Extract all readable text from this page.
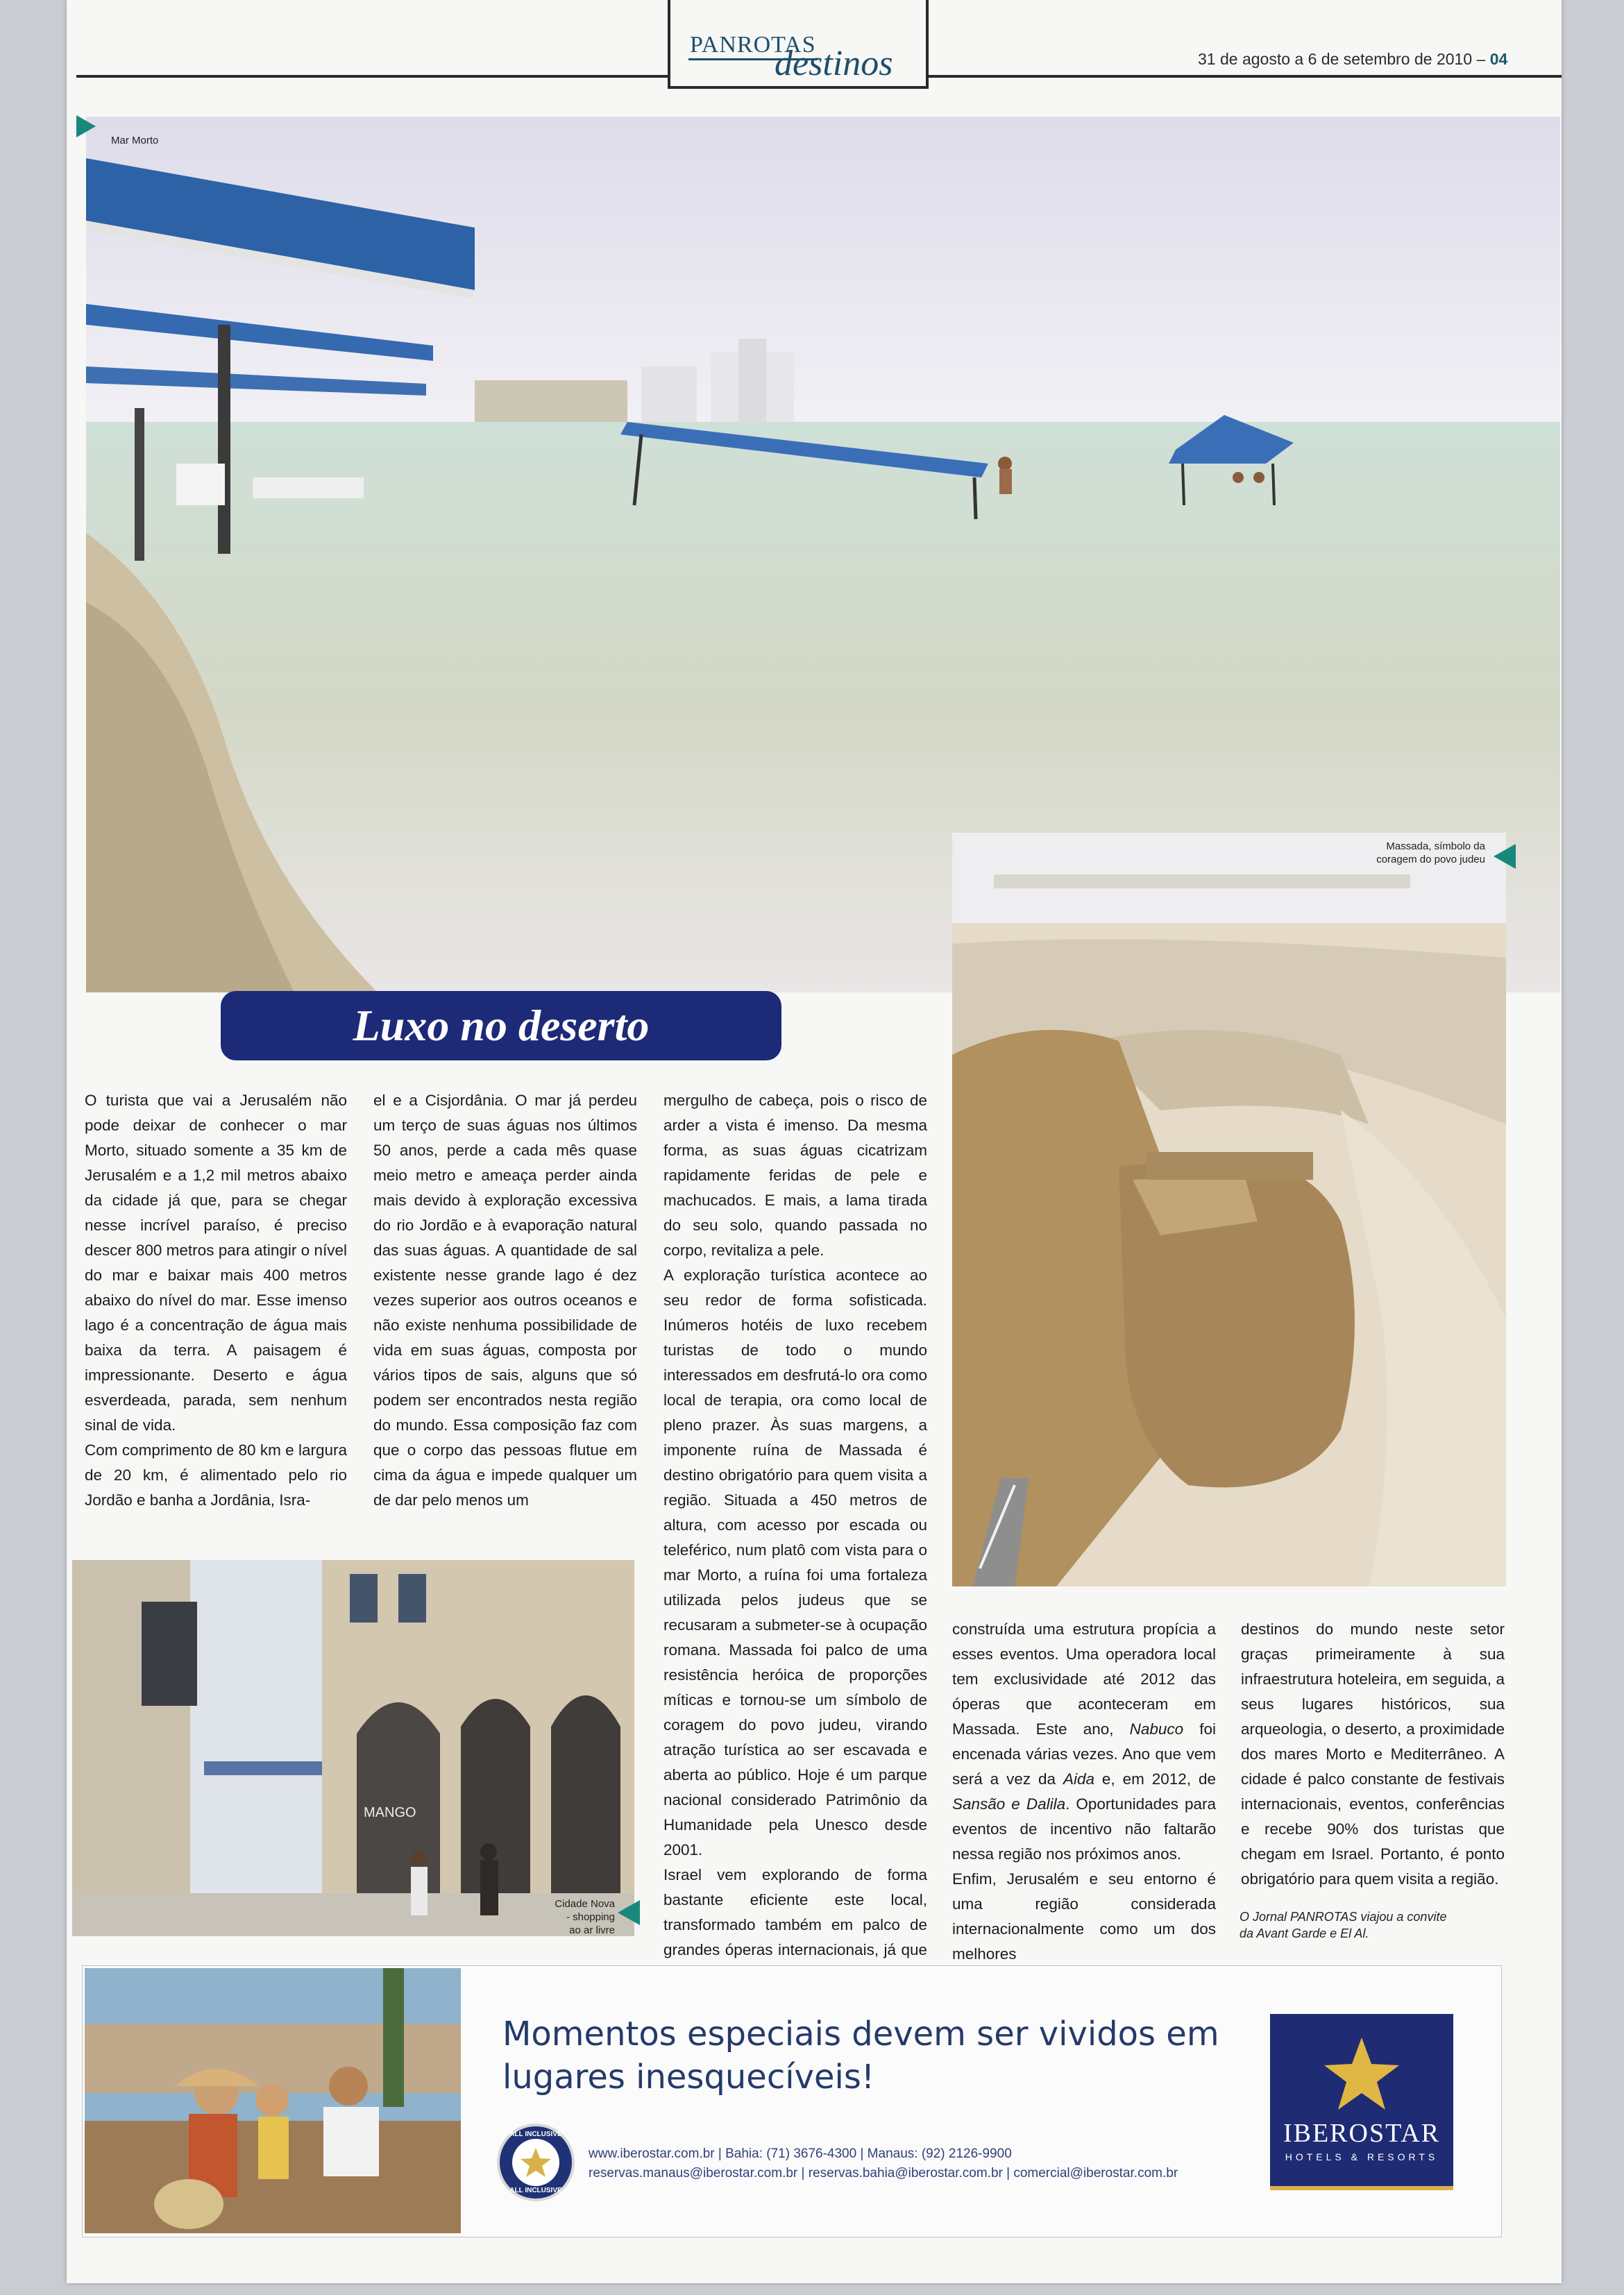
PANROTAS
destinos	31 de agosto a 6 de setembro de 2010 – 04
Mar Morto
Massada, símbolo da
coragem do povo judeu
Luxo no deserto

O turista que vai a Jerusalém não pode deixar de conhecer o mar Morto, situado somente a 35 km de Jerusalém e a 1,2 mil metros abaixo da cidade já que, para se chegar nesse incrível paraíso, é preciso descer 800 metros para atingir o nível do mar e baixar mais 400 metros abaixo do nível do mar. Esse imenso lago é a concentração de água mais baixa da terra. A paisagem é impressionante. Deserto e água esverdeada, parada, sem nenhum sinal de vida.

Com comprimento de 80 km e largura de 20 km, é alimentado pelo rio Jordão e banha a Jordânia, Isra-

el e a Cisjordânia. O mar já perdeu um terço de suas águas nos últimos 50 anos, perde a cada mês quase meio metro e ameaça perder ainda mais devido à exploração excessiva do rio Jordão e à evaporação natural das suas águas. A quantidade de sal existente nesse grande lago é dez vezes superior aos outros oceanos e não existe nenhuma possibilidade de vida em suas águas, composta por vários tipos de sais, alguns que só podem ser encontrados nesta região do mundo. Essa composição faz com que o corpo das pessoas flutue em cima da água e impede qualquer um de dar pelo menos um

mergulho de cabeça, pois o risco de arder a vista é imenso. Da mesma forma, as suas águas cicatrizam rapidamente feridas de pele e machucados. E mais, a lama tirada do seu solo, quando passada no corpo, revitaliza a pele.

A exploração turística acontece ao seu redor de forma sofisticada. Inúmeros hotéis de luxo recebem turistas de todo o mundo interessados em desfrutá-lo ora como local de terapia, ora como local de pleno prazer. Às suas margens, a imponente ruína de Massada é destino obrigatório para quem visita a região. Situada a 450 metros de altura, com acesso por escada ou teleférico, num platô com vista para o mar Morto, a ruína foi uma fortaleza utilizada pelos judeus que se recusaram a submeter-se à ocupação romana. Massada foi palco de uma resistência heróica de proporções míticas e tornou-se um símbolo de coragem do povo judeu, virando atração turística ao ser escavada e aberta ao público. Hoje é um parque nacional considerado Patrimônio da Humanidade pela Unesco desde 2001.

Israel vem explorando de forma bastante eficiente este local, transformado também em palco de grandes óperas internacionais, já que

MANGO
Cidade Nova
- shopping
ao ar livre

construída uma estrutura propícia a esses eventos. Uma operadora local tem exclusividade até 2012 das óperas que aconteceram em Massada. Este ano, Nabuco foi encenada várias vezes. Ano que vem será a vez da Aida e, em 2012, de Sansão e Dalila. Oportunidades para eventos de incentivo não faltarão nessa região nos próximos anos.

Enfim, Jerusalém e seu entorno é uma região considerada internacionalmente como um dos melhores

destinos do mundo neste setor graças primeiramente à sua infraestrutura hoteleira, em seguida, a seus lugares históricos, sua arqueologia, o deserto, a proximidade dos mares Morto e Mediterrâneo. A cidade é palco constante de festivais internacionais, eventos, conferências e recebe 90% dos turistas que chegam em Israel. Portanto, é ponto obrigatório para quem visita a região.

O Jornal PANROTAS viajou a convite
da Avant Garde e El Al.
Momentos especiais devem ser vividos em
lugares inesquecíveis!
ALL INCLUSIVE
ALL INCLUSIVE
www.iberostar.com.br | Bahia: (71) 3676-4300 | Manaus: (92) 2126-9900
reservas.manaus@iberostar.com.br | reservas.bahia@iberostar.com.br | comercial@iberostar.com.br
IBEROSTAR
HOTELS & RESORTS
